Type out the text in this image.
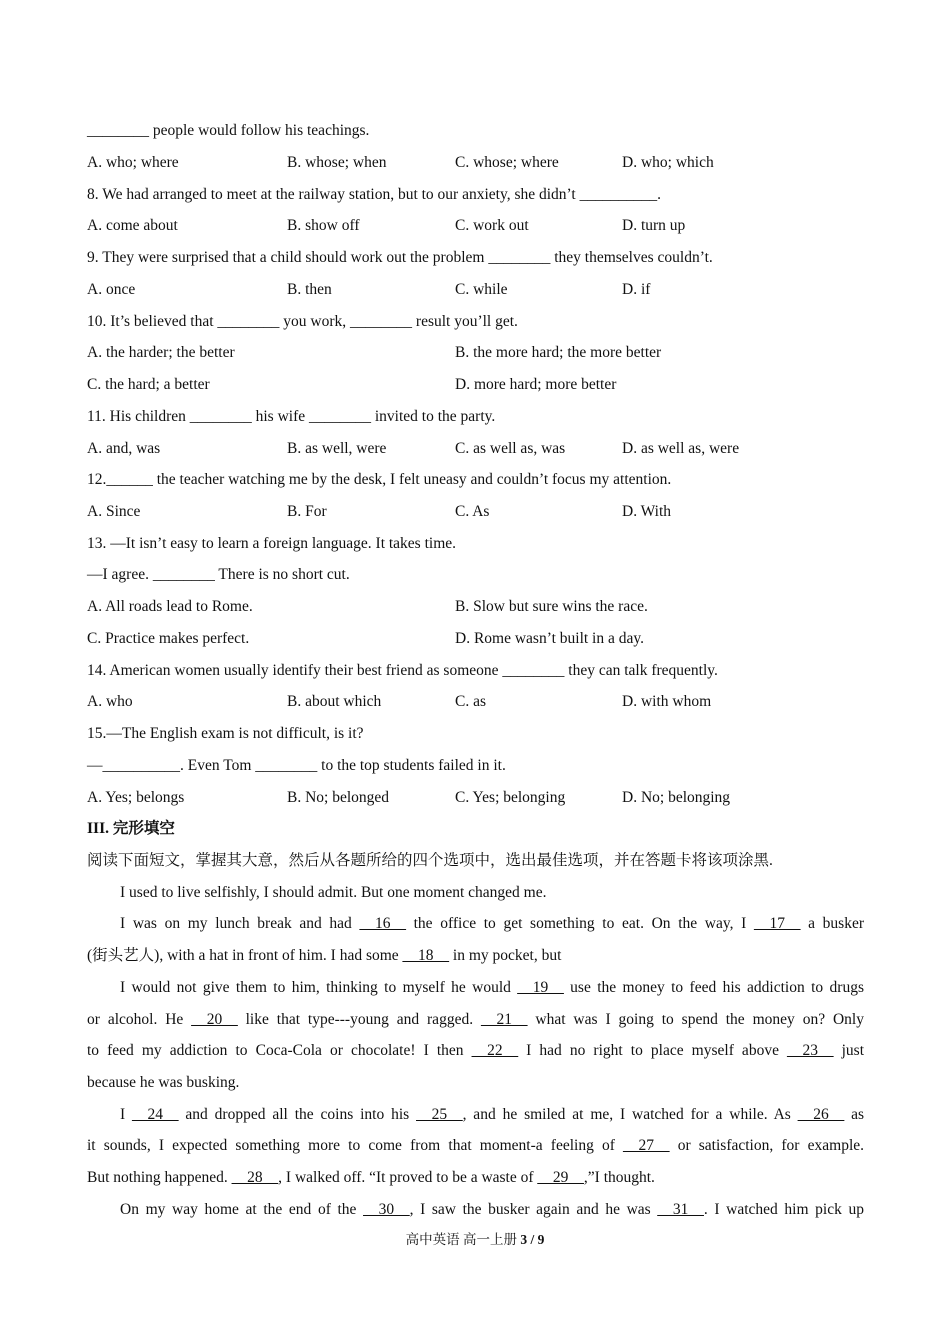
________ people would follow his teachings.
A. who; where	B. whose; when	C. whose; where	D. who; which
8. We had arranged to meet at the railway station, but to our anxiety, she didn’t __________.
A. come about	B. show off	C. work out	D. turn up
9. They were surprised that a child should work out the problem ________ they themselves couldn’t.
A. once	B. then	C. while	D. if
10. It’s believed that ________ you work, ________ result you’ll get.
A. the harder; the better	B. the more hard; the more better
C. the hard; a better	D. more hard; more better
11. His children ________ his wife ________ invited to the party.
A. and, was	B. as well, were	C. as well as, was	D. as well as, were
12.______ the teacher watching me by the desk, I felt uneasy and couldn’t focus my attention.
A. Since	B. For	C. As	D. With
13. —It isn’t easy to learn a foreign language. It takes time.
—I agree. ________ There is no short cut.
A. All roads lead to Rome.	B. Slow but sure wins the race.
C. Practice makes perfect.	D. Rome wasn’t built in a day.
14. American women usually identify their best friend as someone ________ they can talk frequently.
A. who	B. about which	C. as	D. with whom
15.—The English exam is not difficult, is it?
—__________. Even Tom ________ to the top students failed in it.
A. Yes; belongs	B. No; belonged	C. Yes; belonging	D. No; belonging
III. 完形填空
阅读下面短文，掌握其大意，然后从各题所给的四个选项中，选出最佳选项，并在答题卡将该项涂黑.
I used to live selfishly, I should admit. But one moment changed me.
I was on my lunch break and had __16__ the office to get something to eat. On the way, I __17__ a busker
(街头艺人), with a hat in front of him. I had some __18__ in my pocket, but
I would not give them to him, thinking to myself he would __19__ use the money to feed his addiction to drugs
or alcohol. He __20__ like that type---young and ragged. __21__ what was I going to spend the money on? Only
to feed my addiction to Coca-Cola or chocolate! I then __22__ I had no right to place myself above __23__ just
because he was busking.
I __24__ and dropped all the coins into his __25__, and he smiled at me, I watched for a while. As __26__ as
it sounds, I expected something more to come from that moment-a feeling of __27__ or satisfaction, for example.
But nothing happened. __28__, I walked off. “It proved to be a waste of __29__,”I thought.
On my way home at the end of the __30__, I saw the busker again and he was __31__. I watched him pick up
高中英语 高一上册 3 / 9
